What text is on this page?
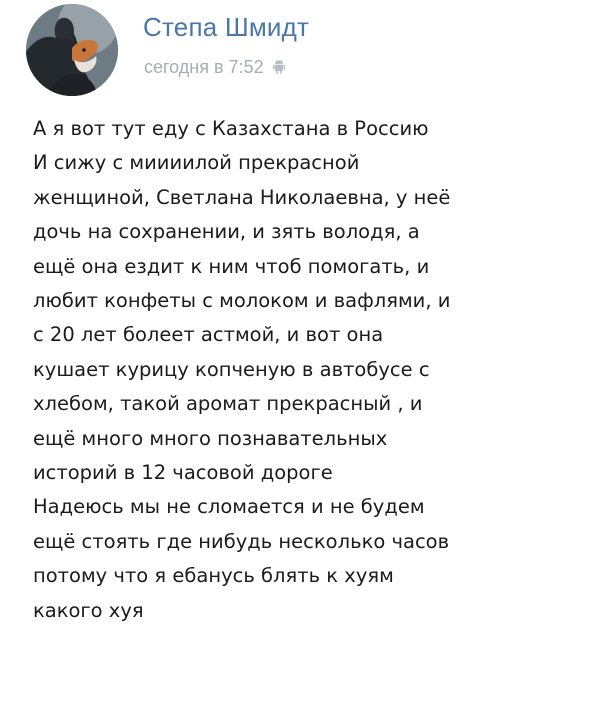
Степа Шмидт
сегодня в 7:52
А я вот тут еду с Казахстана в Россию
И сижу с миииилой прекрасной
женщиной, Светлана Николаевна, у неё
дочь на сохранении, и зять володя, а
ещё она ездит к ним чтоб помогать, и
любит конфеты с молоком и вафлями, и
с 20 лет болеет астмой, и вот она
кушает курицу копченую в автобусе с
хлебом, такой аромат прекрасный , и
ещё много много познавательных
историй в 12 часовой дороге
Надеюсь мы не сломается и не будем
ещё стоять где нибудь несколько часов
потому что я ебанусь блять к хуям
какого хуя
